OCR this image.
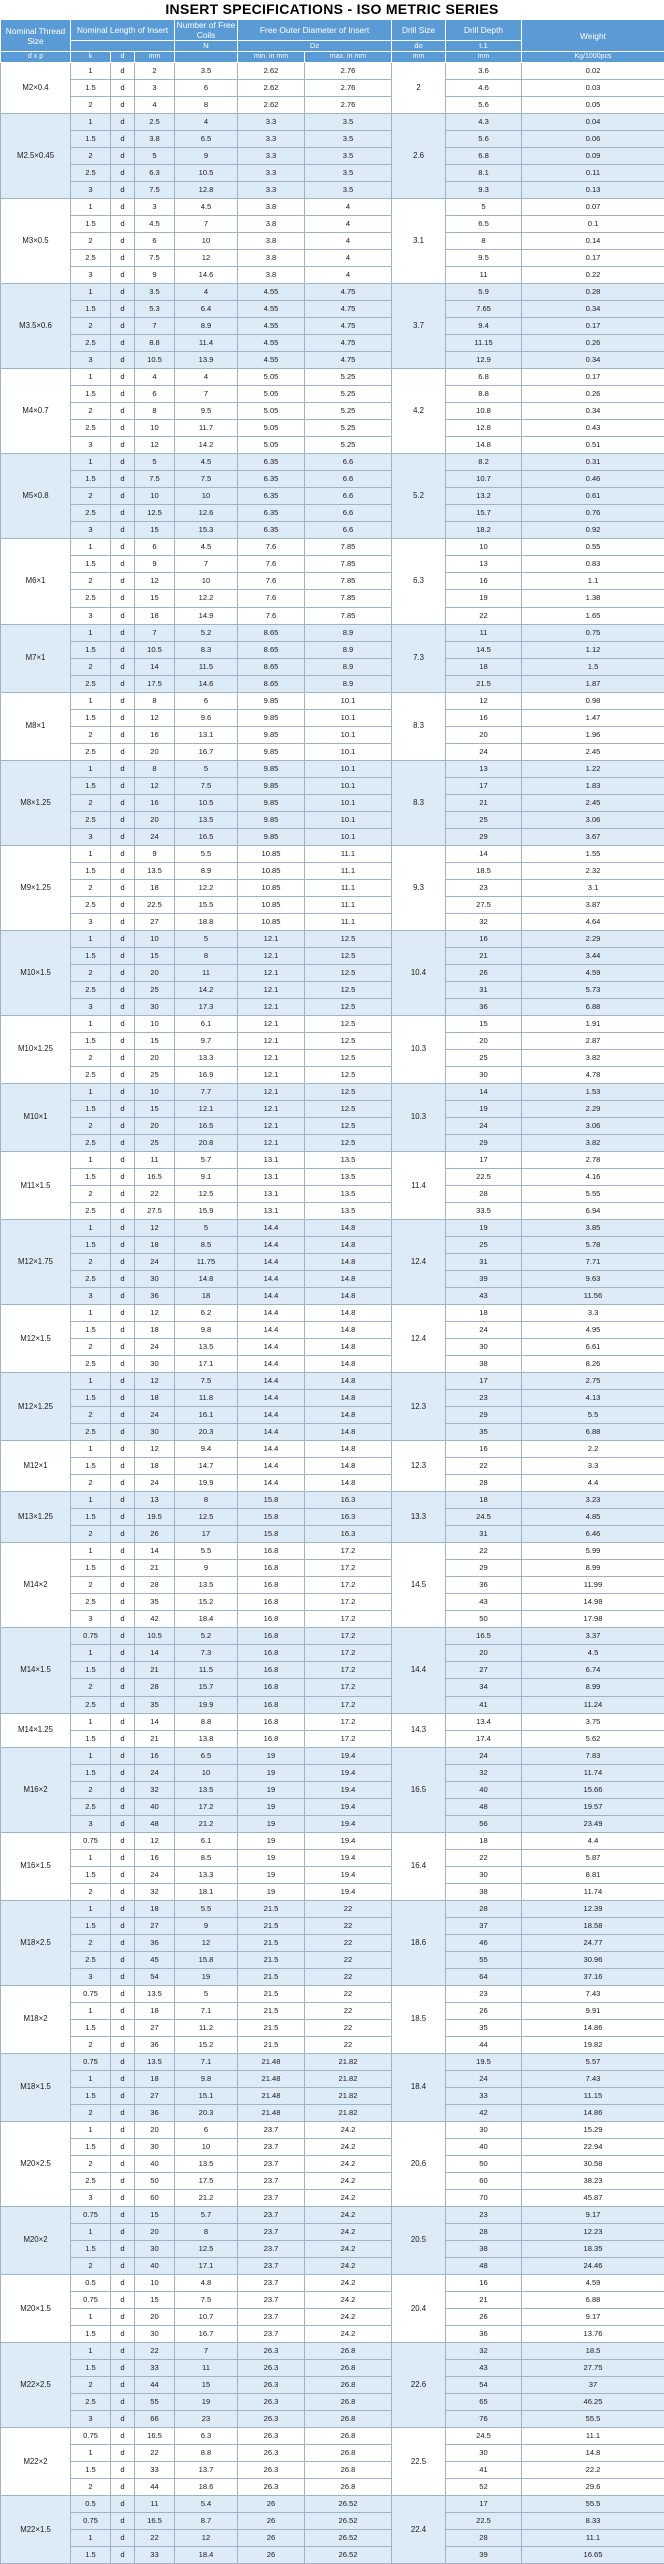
INSERT SPECIFICATIONS - ISO METRIC SERIES
Nominal Thread Size	Nominal Length of Insert			Number of Free Coils	Free Outer Diameter of Insert		Drill Size	Drill Depth	Weight
				N	Dz		do	t.1	
d x p	k	d	mm		min. in mm	max. in mm	mm	mm	Kg/1000pcs
M2×0.4	1	d	2	3.5	2.62	2.76	2	3.6	0.02
	1.5	d	3	6	2.62	2.76		4.6	0.03
	2	d	4	8	2.62	2.76		5.6	0.05
M2.5×0.45	1	d	2.5	4	3.3	3.5	2.6	4.3	0.04
	1.5	d	3.8	6.5	3.3	3.5		5.6	0.06
	2	d	5	9	3.3	3.5		6.8	0.09
	2.5	d	6.3	10.5	3.3	3.5		8.1	0.11
	3	d	7.5	12.8	3.3	3.5		9.3	0.13
M3×0.5	1	d	3	4.5	3.8	4	3.1	5	0.07
	1.5	d	4.5	7	3.8	4		6.5	0.1
	2	d	6	10	3.8	4		8	0.14
	2.5	d	7.5	12	3.8	4		9.5	0.17
	3	d	9	14.6	3.8	4		11	0.22
M3.5×0.6	1	d	3.5	4	4.55	4.75	3.7	5.9	0.28
	1.5	d	5.3	6.4	4.55	4.75		7.65	0.34
	2	d	7	8.9	4.55	4.75		9.4	0.17
	2.5	d	8.8	11.4	4.55	4.75		11.15	0.26
	3	d	10.5	13.9	4.55	4.75		12.9	0.34
M4×0.7	1	d	4	4	5.05	5.25	4.2	6.8	0.17
	1.5	d	6	7	5.05	5.25		8.8	0.26
	2	d	8	9.5	5.05	5.25		10.8	0.34
	2.5	d	10	11.7	5.05	5.25		12.8	0.43
	3	d	12	14.2	5.05	5.25		14.8	0.51
M5×0.8	1	d	5	4.5	6.35	6.6	5.2	8.2	0.31
	1.5	d	7.5	7.5	6.35	6.6		10.7	0.46
	2	d	10	10	6.35	6.6		13.2	0.61
	2.5	d	12.5	12.6	6.35	6.6		15.7	0.76
	3	d	15	15.3	6.35	6.6		18.2	0.92
M6×1	1	d	6	4.5	7.6	7.85	6.3	10	0.55
	1.5	d	9	7	7.6	7.85		13	0.83
	2	d	12	10	7.6	7.85		16	1.1
	2.5	d	15	12.2	7.6	7.85		19	1.38
	3	d	18	14.9	7.6	7.85		22	1.65
M7×1	1	d	7	5.2	8.65	8.9	7.3	11	0.75
	1.5	d	10.5	8.3	8.65	8.9		14.5	1.12
	2	d	14	11.5	8.65	8.9		18	1.5
	2.5	d	17.5	14.6	8.65	8.9		21.5	1.87
M8×1	1	d	8	6	9.85	10.1	8.3	12	0.98
	1.5	d	12	9.6	9.85	10.1		16	1.47
	2	d	16	13.1	9.85	10.1		20	1.96
	2.5	d	20	16.7	9.85	10.1		24	2.45
M8×1.25	1	d	8	5	9.85	10.1	8.3	13	1.22
	1.5	d	12	7.5	9.85	10.1		17	1.83
	2	d	16	10.5	9.85	10.1		21	2.45
	2.5	d	20	13.5	9.85	10.1		25	3.06
	3	d	24	16.5	9.85	10.1		29	3.67
M9×1.25	1	d	9	5.5	10.85	11.1	9.3	14	1.55
	1.5	d	13.5	8.9	10.85	11.1		18.5	2.32
	2	d	18	12.2	10.85	11.1		23	3.1
	2.5	d	22.5	15.5	10.85	11.1		27.5	3.87
	3	d	27	18.8	10.85	11.1		32	4.64
M10×1.5	1	d	10	5	12.1	12.5	10.4	16	2.29
	1.5	d	15	8	12.1	12.5		21	3.44
	2	d	20	11	12.1	12.5		26	4.59
	2.5	d	25	14.2	12.1	12.5		31	5.73
	3	d	30	17.3	12.1	12.5		36	6.88
M10×1.25	1	d	10	6.1	12.1	12.5	10.3	15	1.91
	1.5	d	15	9.7	12.1	12.5		20	2.87
	2	d	20	13.3	12.1	12.5		25	3.82
	2.5	d	25	16.9	12.1	12.5		30	4.78
M10×1	1	d	10	7.7	12.1	12.5	10.3	14	1.53
	1.5	d	15	12.1	12.1	12.5		19	2.29
	2	d	20	16.5	12.1	12.5		24	3.06
	2.5	d	25	20.8	12.1	12.5		29	3.82
M11×1.5	1	d	11	5.7	13.1	13.5	11.4	17	2.78
	1.5	d	16.5	9.1	13.1	13.5		22.5	4.16
	2	d	22	12.5	13.1	13.5		28	5.55
	2.5	d	27.5	15.9	13.1	13.5		33.5	6.94
M12×1.75	1	d	12	5	14.4	14.8	12.4	19	3.85
	1.5	d	18	8.5	14.4	14.8		25	5.78
	2	d	24	11.75	14.4	14.8		31	7.71
	2.5	d	30	14.8	14.4	14.8		39	9.63
	3	d	36	18	14.4	14.8		43	11.56
M12×1.5	1	d	12	6.2	14.4	14.8	12.4	18	3.3
	1.5	d	18	9.8	14.4	14.8		24	4.95
	2	d	24	13.5	14.4	14.8		30	6.61
	2.5	d	30	17.1	14.4	14.8		38	8.26
M12×1.25	1	d	12	7.5	14.4	14.8	12.3	17	2.75
	1.5	d	18	11.8	14.4	14.8		23	4.13
	2	d	24	16.1	14.4	14.8		29	5.5
	2.5	d	30	20.3	14.4	14.8		35	6.88
M12×1	1	d	12	9.4	14.4	14.8	12.3	16	2.2
	1.5	d	18	14.7	14.4	14.8		22	3.3
	2	d	24	19.9	14.4	14.8		28	4.4
M13×1.25	1	d	13	8	15.8	16.3	13.3	18	3.23
	1.5	d	19.5	12.5	15.8	16.3		24.5	4.85
	2	d	26	17	15.8	16.3		31	6.46
M14×2	1	d	14	5.5	16.8	17.2	14.5	22	5.99
	1.5	d	21	9	16.8	17.2		29	8.99
	2	d	28	13.5	16.8	17.2		36	11.99
	2.5	d	35	15.2	16.8	17.2		43	14.98
	3	d	42	18.4	16.8	17.2		50	17.98
M14×1.5	0.75	d	10.5	5.2	16.8	17.2	14.4	16.5	3.37
	1	d	14	7.3	16.8	17.2		20	4.5
	1.5	d	21	11.5	16.8	17.2		27	6.74
	2	d	28	15.7	16.8	17.2		34	8.99
	2.5	d	35	19.9	16.8	17.2		41	11.24
M14×1.25	1	d	14	8.8	16.8	17.2	14.3	13.4	3.75
	1.5	d	21	13.8	16.8	17.2		17.4	5.62
M16×2	1	d	16	6.5	19	19.4	16.5	24	7.83
	1.5	d	24	10	19	19.4		32	11.74
	2	d	32	13.5	19	19.4		40	15.66
	2.5	d	40	17.2	19	19.4		48	19.57
	3	d	48	21.2	19	19.4		56	23.49
M16×1.5	0.75	d	12	6.1	19	19.4	16.4	18	4.4
	1	d	16	8.5	19	19.4		22	5.87
	1.5	d	24	13.3	19	19.4		30	8.81
	2	d	32	18.1	19	19.4		38	11.74
M18×2.5	1	d	18	5.5	21.5	22	18.6	28	12.39
	1.5	d	27	9	21.5	22		37	18.58
	2	d	36	12	21.5	22		46	24.77
	2.5	d	45	15.8	21.5	22		55	30.96
	3	d	54	19	21.5	22		64	37.16
M18×2	0.75	d	13.5	5	21.5	22	18.5	23	7.43
	1	d	18	7.1	21.5	22		26	9.91
	1.5	d	27	11.2	21.5	22		35	14.86
	2	d	36	15.2	21.5	22		44	19.82
M18×1.5	0.75	d	13.5	7.1	21.48	21.82	18.4	19.5	5.57
	1	d	18	9.8	21.48	21.82		24	7.43
	1.5	d	27	15.1	21.48	21.82		33	11.15
	2	d	36	20.3	21.48	21.82		42	14.86
M20×2.5	1	d	20	6	23.7	24.2	20.6	30	15.29
	1.5	d	30	10	23.7	24.2		40	22.94
	2	d	40	13.5	23.7	24.2		50	30.58
	2.5	d	50	17.5	23.7	24.2		60	38.23
	3	d	60	21.2	23.7	24.2		70	45.87
M20×2	0.75	d	15	5.7	23.7	24.2	20.5	23	9.17
	1	d	20	8	23.7	24.2		28	12.23
	1.5	d	30	12.5	23.7	24.2		38	18.35
	2	d	40	17.1	23.7	24.2		48	24.46
M20×1.5	0.5	d	10	4.8	23.7	24.2	20.4	16	4.59
	0.75	d	15	7.5	23.7	24.2		21	6.88
	1	d	20	10.7	23.7	24.2		26	9.17
	1.5	d	30	16.7	23.7	24.2		36	13.76
M22×2.5	1	d	22	7	26.3	26.8	22.6	32	18.5
	1.5	d	33	11	26.3	26.8		43	27.75
	2	d	44	15	26.3	26.8		54	37
	2.5	d	55	19	26.3	26.8		65	46.25
	3	d	66	23	26.3	26.8		76	55.5
M22×2	0.75	d	16.5	6.3	26.3	26.8	22.5	24.5	11.1
	1	d	22	8.8	26.3	26.8		30	14.8
	1.5	d	33	13.7	26.3	26.8		41	22.2
	2	d	44	18.6	26.3	26.8		52	29.6
M22×1.5	0.5	d	11	5.4	26	26.52	22.4	17	55.5
	0.75	d	16.5	8.7	26	26.52		22.5	8.33
	1	d	22	12	26	26.52		28	11.1
	1.5	d	33	18.4	26	26.52		39	16.65
